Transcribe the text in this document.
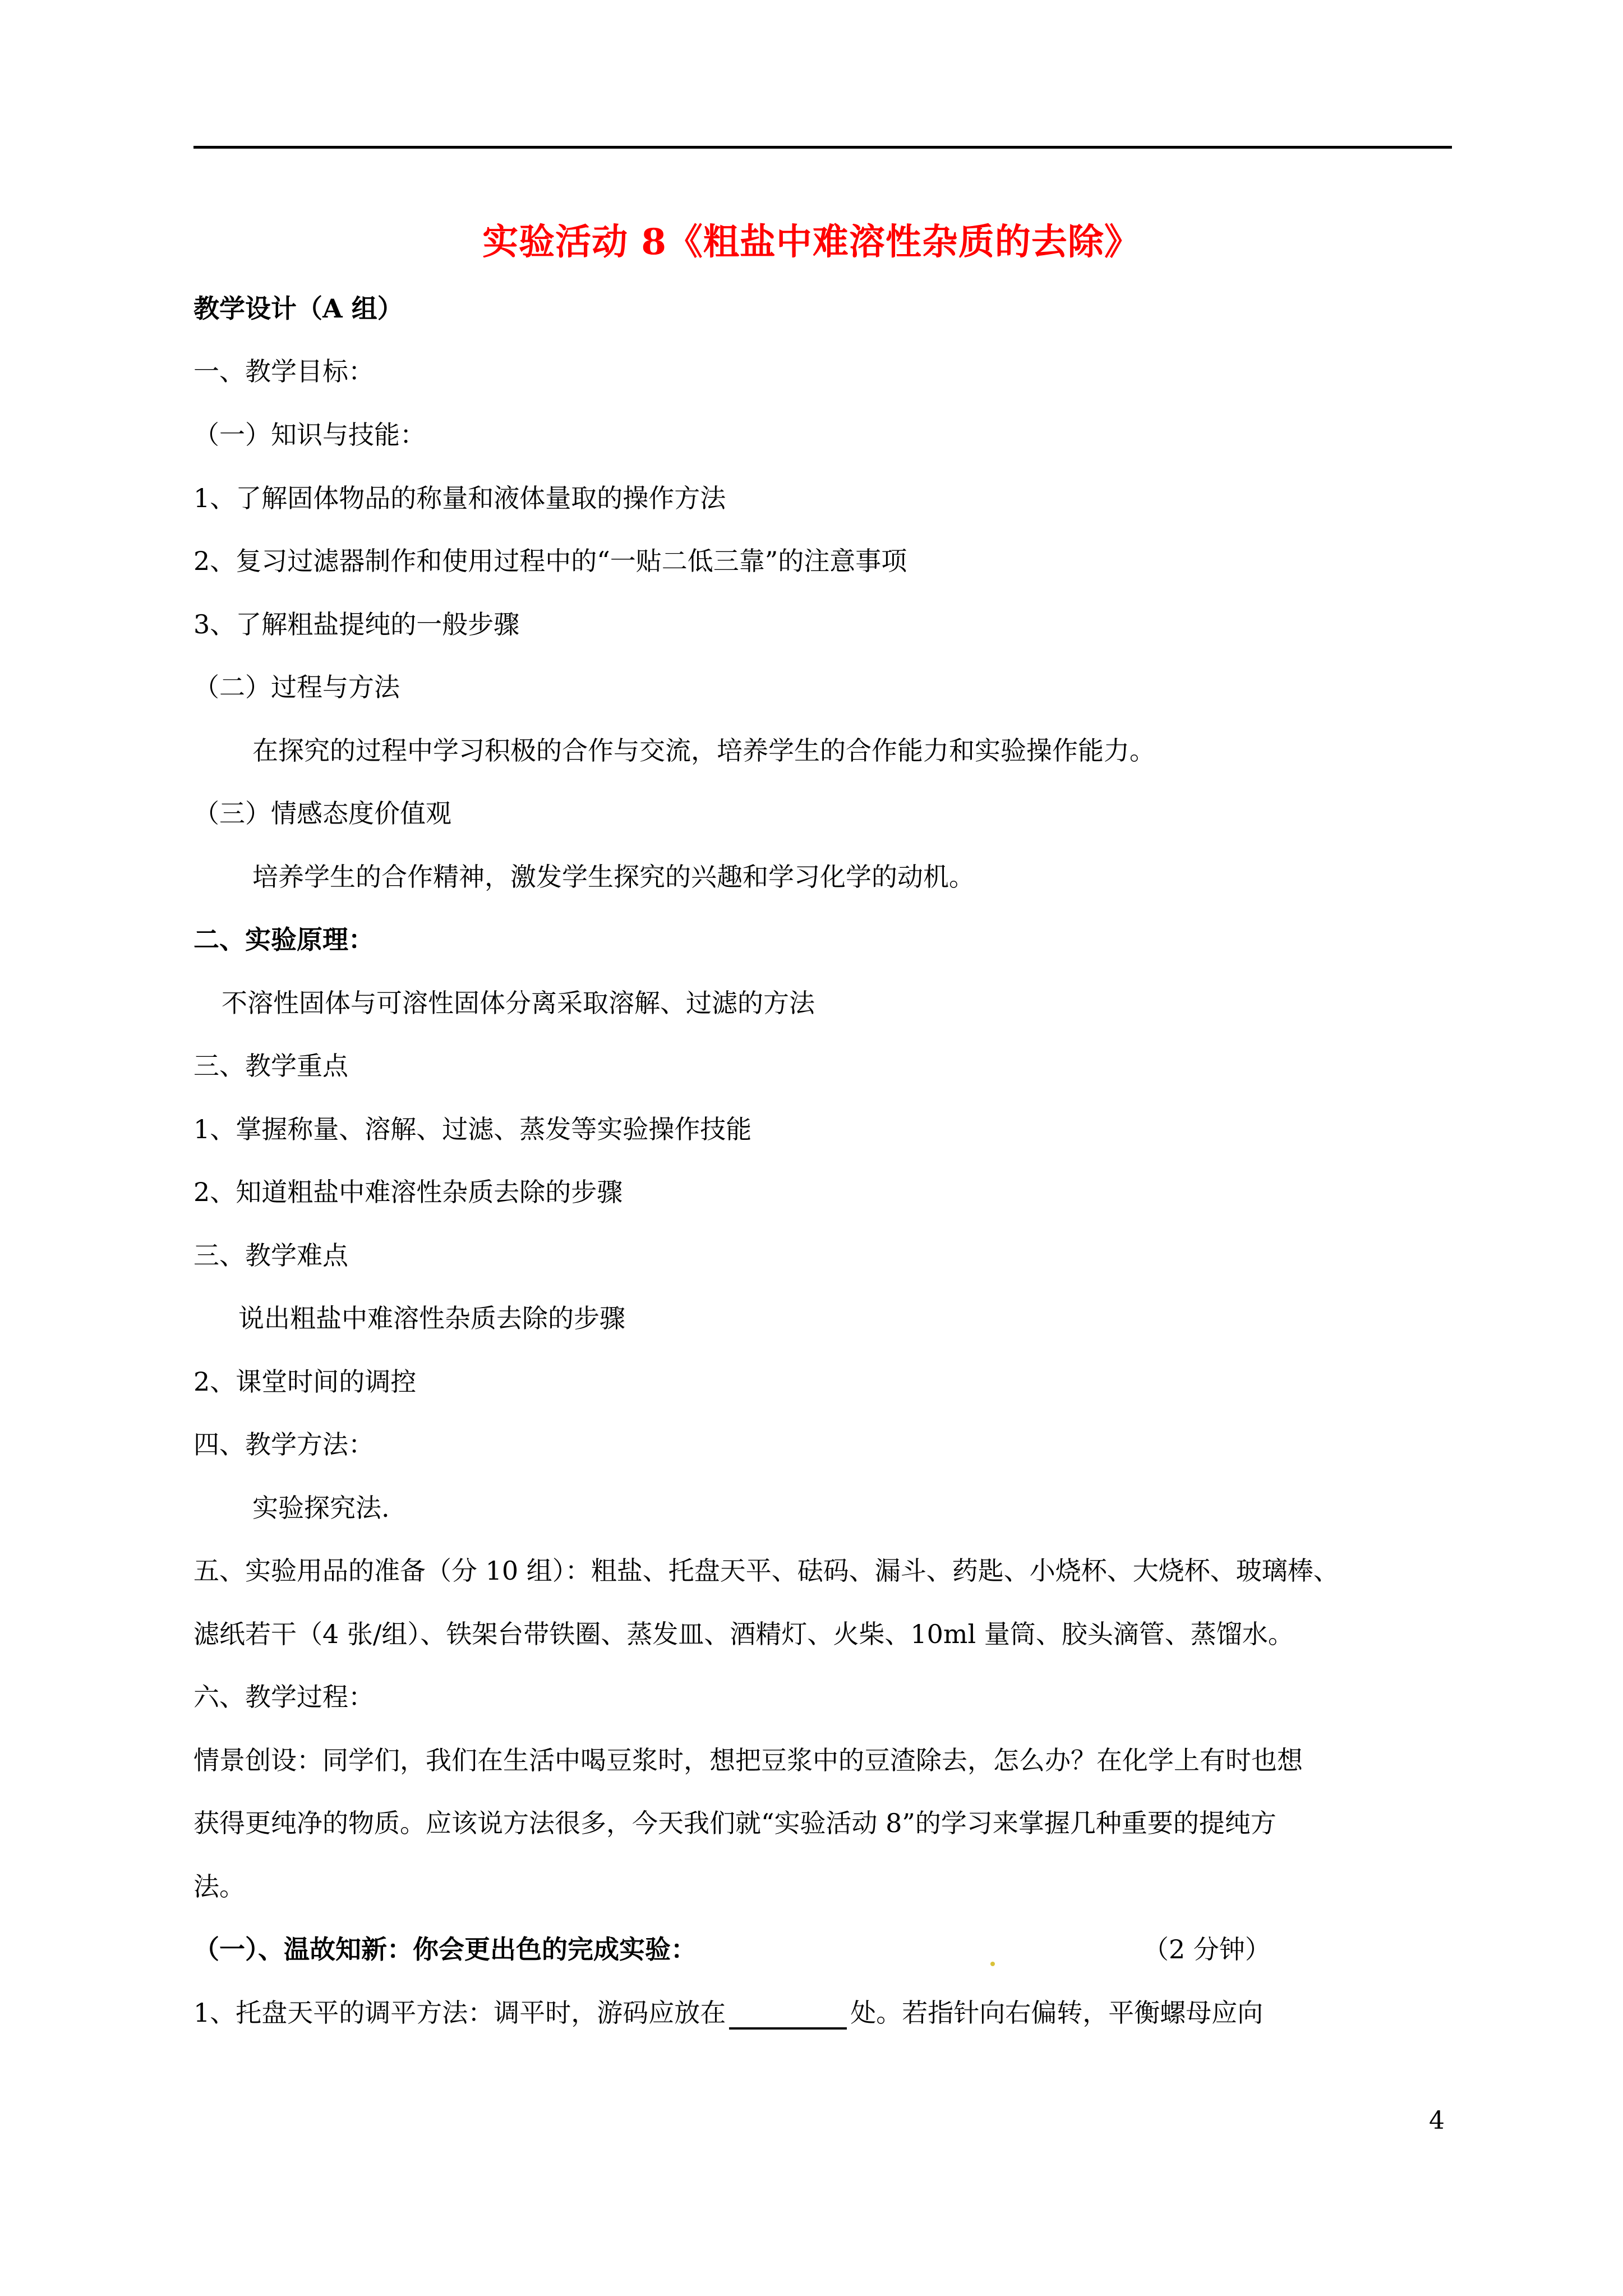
实验活动 8《粗盐中难溶性杂质的去除》
教学设计（A 组）
一、教学目标：
（一）知识与技能：
1、了解固体物品的称量和液体量取的操作方法
2、复习过滤器制作和使用过程中的“一贴二低三靠”的注意事项
3、了解粗盐提纯的一般步骤
（二）过程与方法
在探究的过程中学习积极的合作与交流，培养学生的合作能力和实验操作能力。
（三）情感态度价值观
培养学生的合作精神，激发学生探究的兴趣和学习化学的动机。
二、实验原理：
不溶性固体与可溶性固体分离采取溶解、过滤的方法
三、教学重点
1、掌握称量、溶解、过滤、蒸发等实验操作技能
2、知道粗盐中难溶性杂质去除的步骤
三、教学难点
说出粗盐中难溶性杂质去除的步骤
2、课堂时间的调控
四、教学方法：
实验探究法.
五、实验用品的准备（分 10 组）：粗盐、托盘天平、砝码、漏斗、药匙、小烧杯、大烧杯、玻璃棒、
滤纸若干（4 张/组）、铁架台带铁圈、蒸发皿、酒精灯、火柴、10ml 量筒、胶头滴管、蒸馏水。
六、教学过程：
情景创设：同学们，我们在生活中喝豆浆时，想把豆浆中的豆渣除去，怎么办？在化学上有时也想
获得更纯净的物质。应该说方法很多，今天我们就“实验活动 8”的学习来掌握几种重要的提纯方
法。
（一）、温故知新：你会更出色的完成实验：	（2 分钟）
1、托盘天平的调平方法：调平时，游码应放在	处。若指针向右偏转，平衡螺母应向
4
